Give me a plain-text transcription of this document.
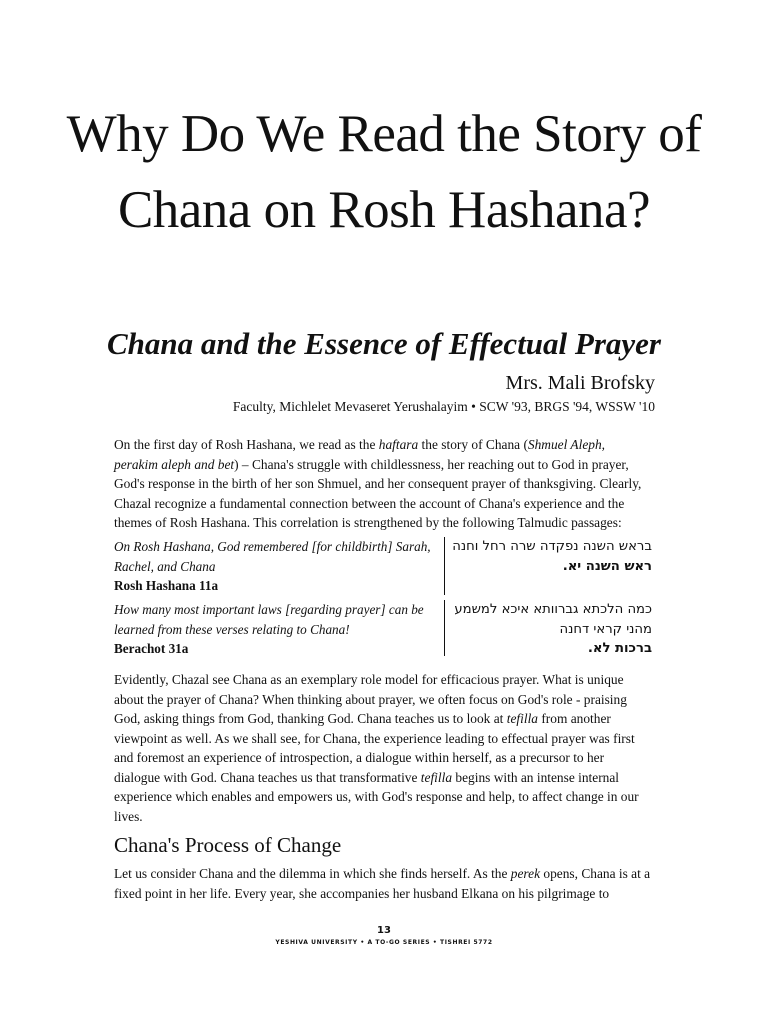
Why Do We Read the Story of Chana on Rosh Hashana?
Chana and the Essence of Effectual Prayer

Mrs. Mali Brofsky

Faculty, Michlelet Mevaseret Yerushalayim • SCW '93, BRGS '94, WSSW '10

On the first day of Rosh Hashana, we read as the haftara the story of Chana (Shmuel Aleph, perakim aleph and bet) – Chana's struggle with childlessness, her reaching out to God in prayer, God's response in the birth of her son Shmuel, and her consequent prayer of thanksgiving. Clearly, Chazal recognize a fundamental connection between the account of Chana's experience and the themes of Rosh Hashana. This correlation is strengthened by the following Talmudic passages:

On Rosh Hashana, God remembered [for childbirth] Sarah, Rachel, and Chana
Rosh Hashana 11a
בראש השנה נפקדה שרה רחל וחנה
ראש השנה יא.
How many most important laws [regarding prayer] can be learned from these verses relating to Chana!
Berachot 31a
כמה הלכתא גברוותא איכא למשמע מהני קראי דחנה
ברכות לא.

Evidently, Chazal see Chana as an exemplary role model for efficacious prayer. What is unique about the prayer of Chana? When thinking about prayer, we often focus on God's role - praising God, asking things from God, thanking God. Chana teaches us to look at tefilla from another viewpoint as well. As we shall see, for Chana, the experience leading to effectual prayer was first and foremost an experience of introspection, a dialogue within herself, as a precursor to her dialogue with God. Chana teaches us that transformative tefilla begins with an intense internal experience which enables and empowers us, with God's response and help, to affect change in our lives.

Chana's Process of Change

Let us consider Chana and the dilemma in which she finds herself. As the perek opens, Chana is at a fixed point in her life. Every year, she accompanies her husband Elkana on his pilgrimage to

13
YESHIVA UNIVERSITY • A TO-GO SERIES • TISHREI 5772
